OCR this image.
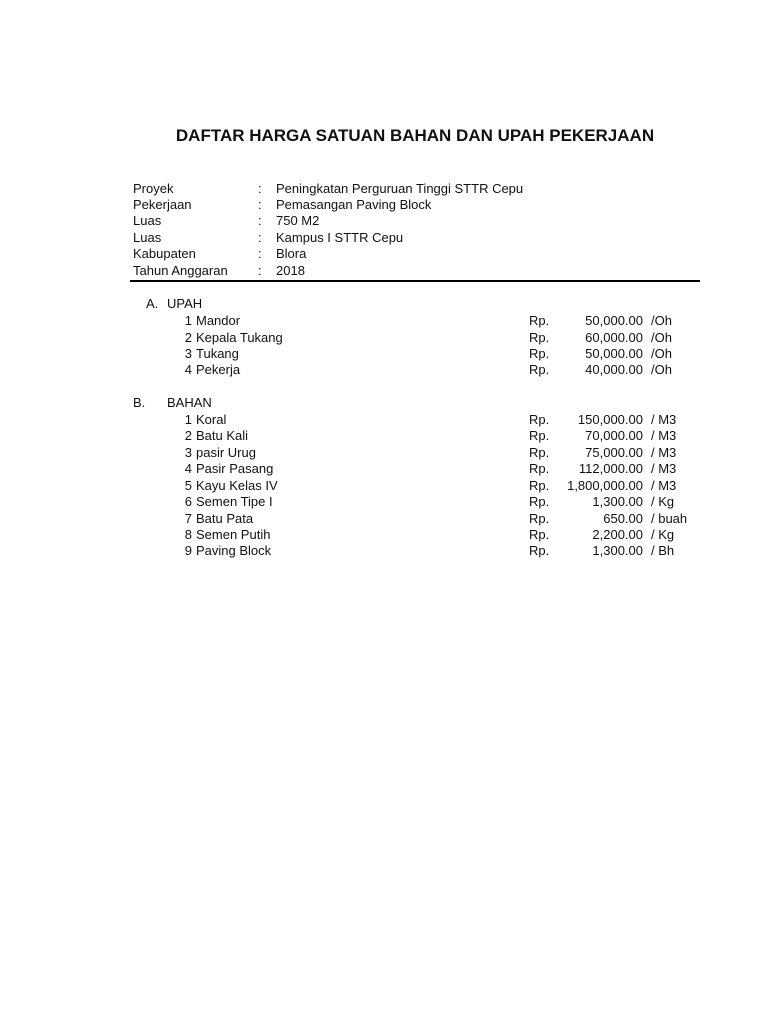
DAFTAR HARGA SATUAN BAHAN DAN UPAH PEKERJAAN
Proyek	: Peningkatan Perguruan Tinggi STTR Cepu
Pekerjaan	: Pemasangan Paving Block
Luas	: 750 M2
Luas	: Kampus I STTR Cepu
Kabupaten	: Blora
Tahun Anggaran : 2018
A. UPAH
1 Mandor	Rp.	50,000.00 /Oh
2 Kepala Tukang	Rp.	60,000.00 /Oh
3 Tukang	Rp.	50,000.00 /Oh
4 Pekerja	Rp.	40,000.00 /Oh
B. BAHAN
1 Koral	Rp.	150,000.00 / M3
2 Batu Kali	Rp.	70,000.00 / M3
3 pasir Urug	Rp.	75,000.00 / M3
4 Pasir Pasang	Rp.	112,000.00 / M3
5 Kayu Kelas IV	Rp.	1,800,000.00 / M3
6 Semen Tipe I	Rp.	1,300.00 / Kg
7 Batu Pata	Rp.	650.00 / buah
8 Semen Putih	Rp.	2,200.00 / Kg
9 Paving Block	Rp.	1,300.00 / Bh
